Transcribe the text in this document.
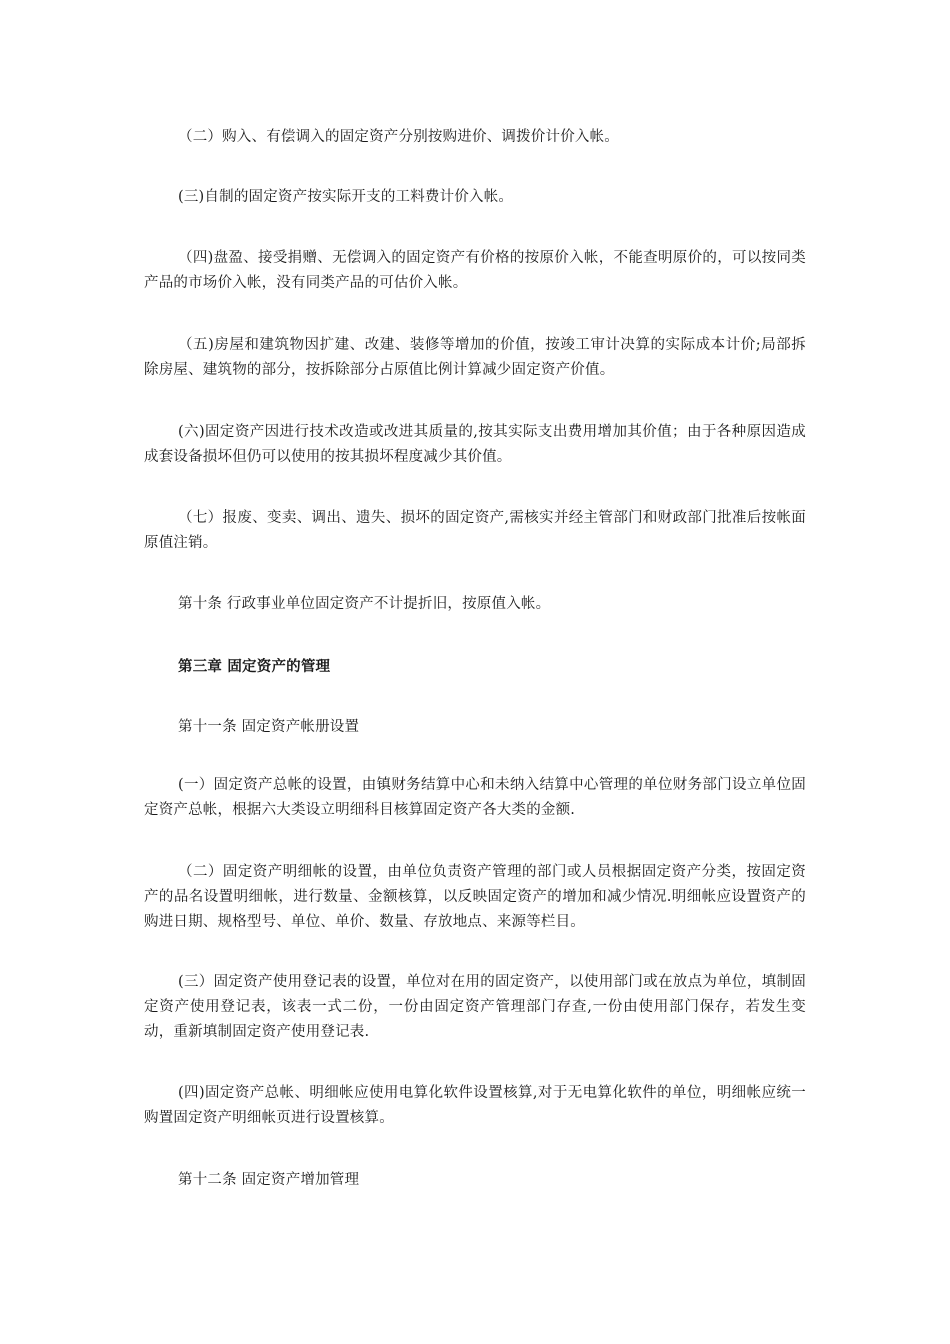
（二）购入、有偿调入的固定资产分别按购进价、调拨价计价入帐。

(三)自制的固定资产按实际开支的工料费计价入帐。

（四)盘盈、接受捐赠、无偿调入的固定资产有价格的按原价入帐，不能查明原价的，可以按同类产品的市场价入帐，没有同类产品的可估价入帐。

（五)房屋和建筑物因扩建、改建、装修等增加的价值，按竣工审计决算的实际成本计价;局部拆除房屋、建筑物的部分，按拆除部分占原值比例计算减少固定资产价值。

(六)固定资产因进行技术改造或改进其质量的,按其实际支出费用增加其价值；由于各种原因造成成套设备损坏但仍可以使用的按其损坏程度减少其价值。

（七）报废、变卖、调出、遗失、损坏的固定资产,需核实并经主管部门和财政部门批准后按帐面原值注销。

第十条 行政事业单位固定资产不计提折旧，按原值入帐。

第三章 固定资产的管理

第十一条 固定资产帐册设置

(一）固定资产总帐的设置，由镇财务结算中心和未纳入结算中心管理的单位财务部门设立单位固定资产总帐，根据六大类设立明细科目核算固定资产各大类的金额.

（二）固定资产明细帐的设置，由单位负责资产管理的部门或人员根据固定资产分类，按固定资产的品名设置明细帐，进行数量、金额核算，以反映固定资产的增加和减少情况.明细帐应设置资产的购进日期、规格型号、单位、单价、数量、存放地点、来源等栏目。

(三）固定资产使用登记表的设置，单位对在用的固定资产，以使用部门或在放点为单位，填制固定资产使用登记表，该表一式二份，一份由固定资产管理部门存查,一份由使用部门保存，若发生变动，重新填制固定资产使用登记表.

(四)固定资产总帐、明细帐应使用电算化软件设置核算,对于无电算化软件的单位，明细帐应统一购置固定资产明细帐页进行设置核算。

第十二条 固定资产增加管理
